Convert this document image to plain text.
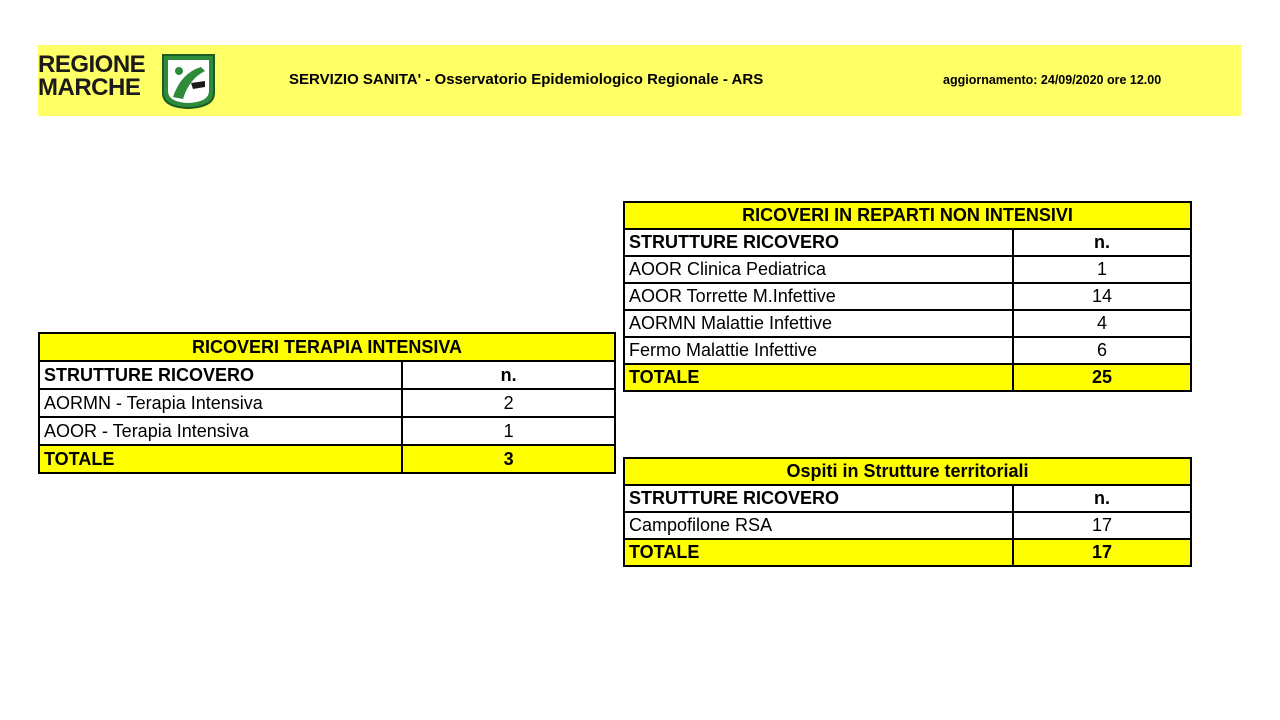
REGIONE
MARCHE	SERVIZIO SANITA' - Osservatorio Epidemiologico Regionale - ARS	aggiornamento: 24/09/2020 ore 12.00
RICOVERI TERAPIA INTENSIVA	
STRUTTURE RICOVERO	n.
AORMN - Terapia Intensiva	2
AOOR - Terapia Intensiva	1
TOTALE	3
RICOVERI IN REPARTI NON INTENSIVI	
STRUTTURE RICOVERO	n.
AOOR Clinica Pediatrica	1
AOOR Torrette M.Infettive	14
AORMN Malattie Infettive	4
Fermo Malattie Infettive	6
TOTALE	25
Ospiti in Strutture territoriali	
STRUTTURE RICOVERO	n.
Campofilone RSA	17
TOTALE	17
